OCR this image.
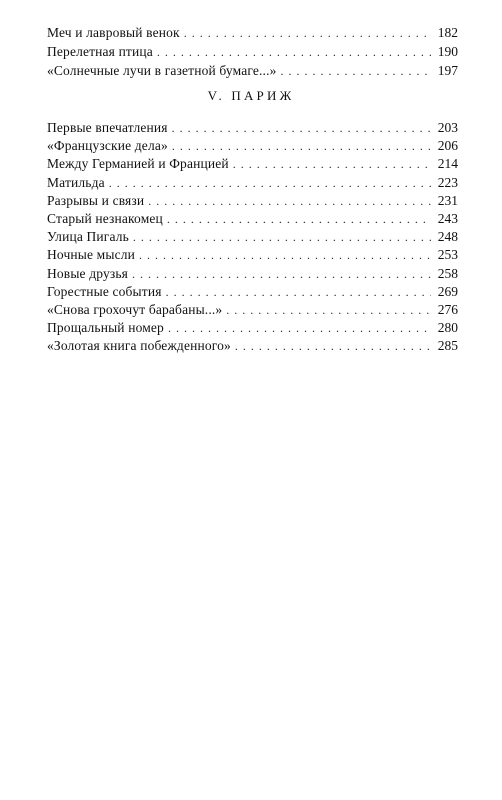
Меч и лавровый венок . . .	182
Перелетная птица . . .	190
«Солнечные лучи в газетной бумаге...» . . .	197
V. ПАРИЖ
Первые впечатления . . .	203
«Французские дела» . . .	206
Между Германией и Францией . . .	214
Матильда . . .	223
Разрывы и связи . . .	231
Старый незнакомец . . .	243
Улица Пигаль . . .	248
Ночные мысли . . .	253
Новые друзья . . .	258
Горестные события . . .	269
«Снова грохочут барабаны...» . . .	276
Прощальный номер . . .	280
«Золотая книга побежденного» . . .	285
